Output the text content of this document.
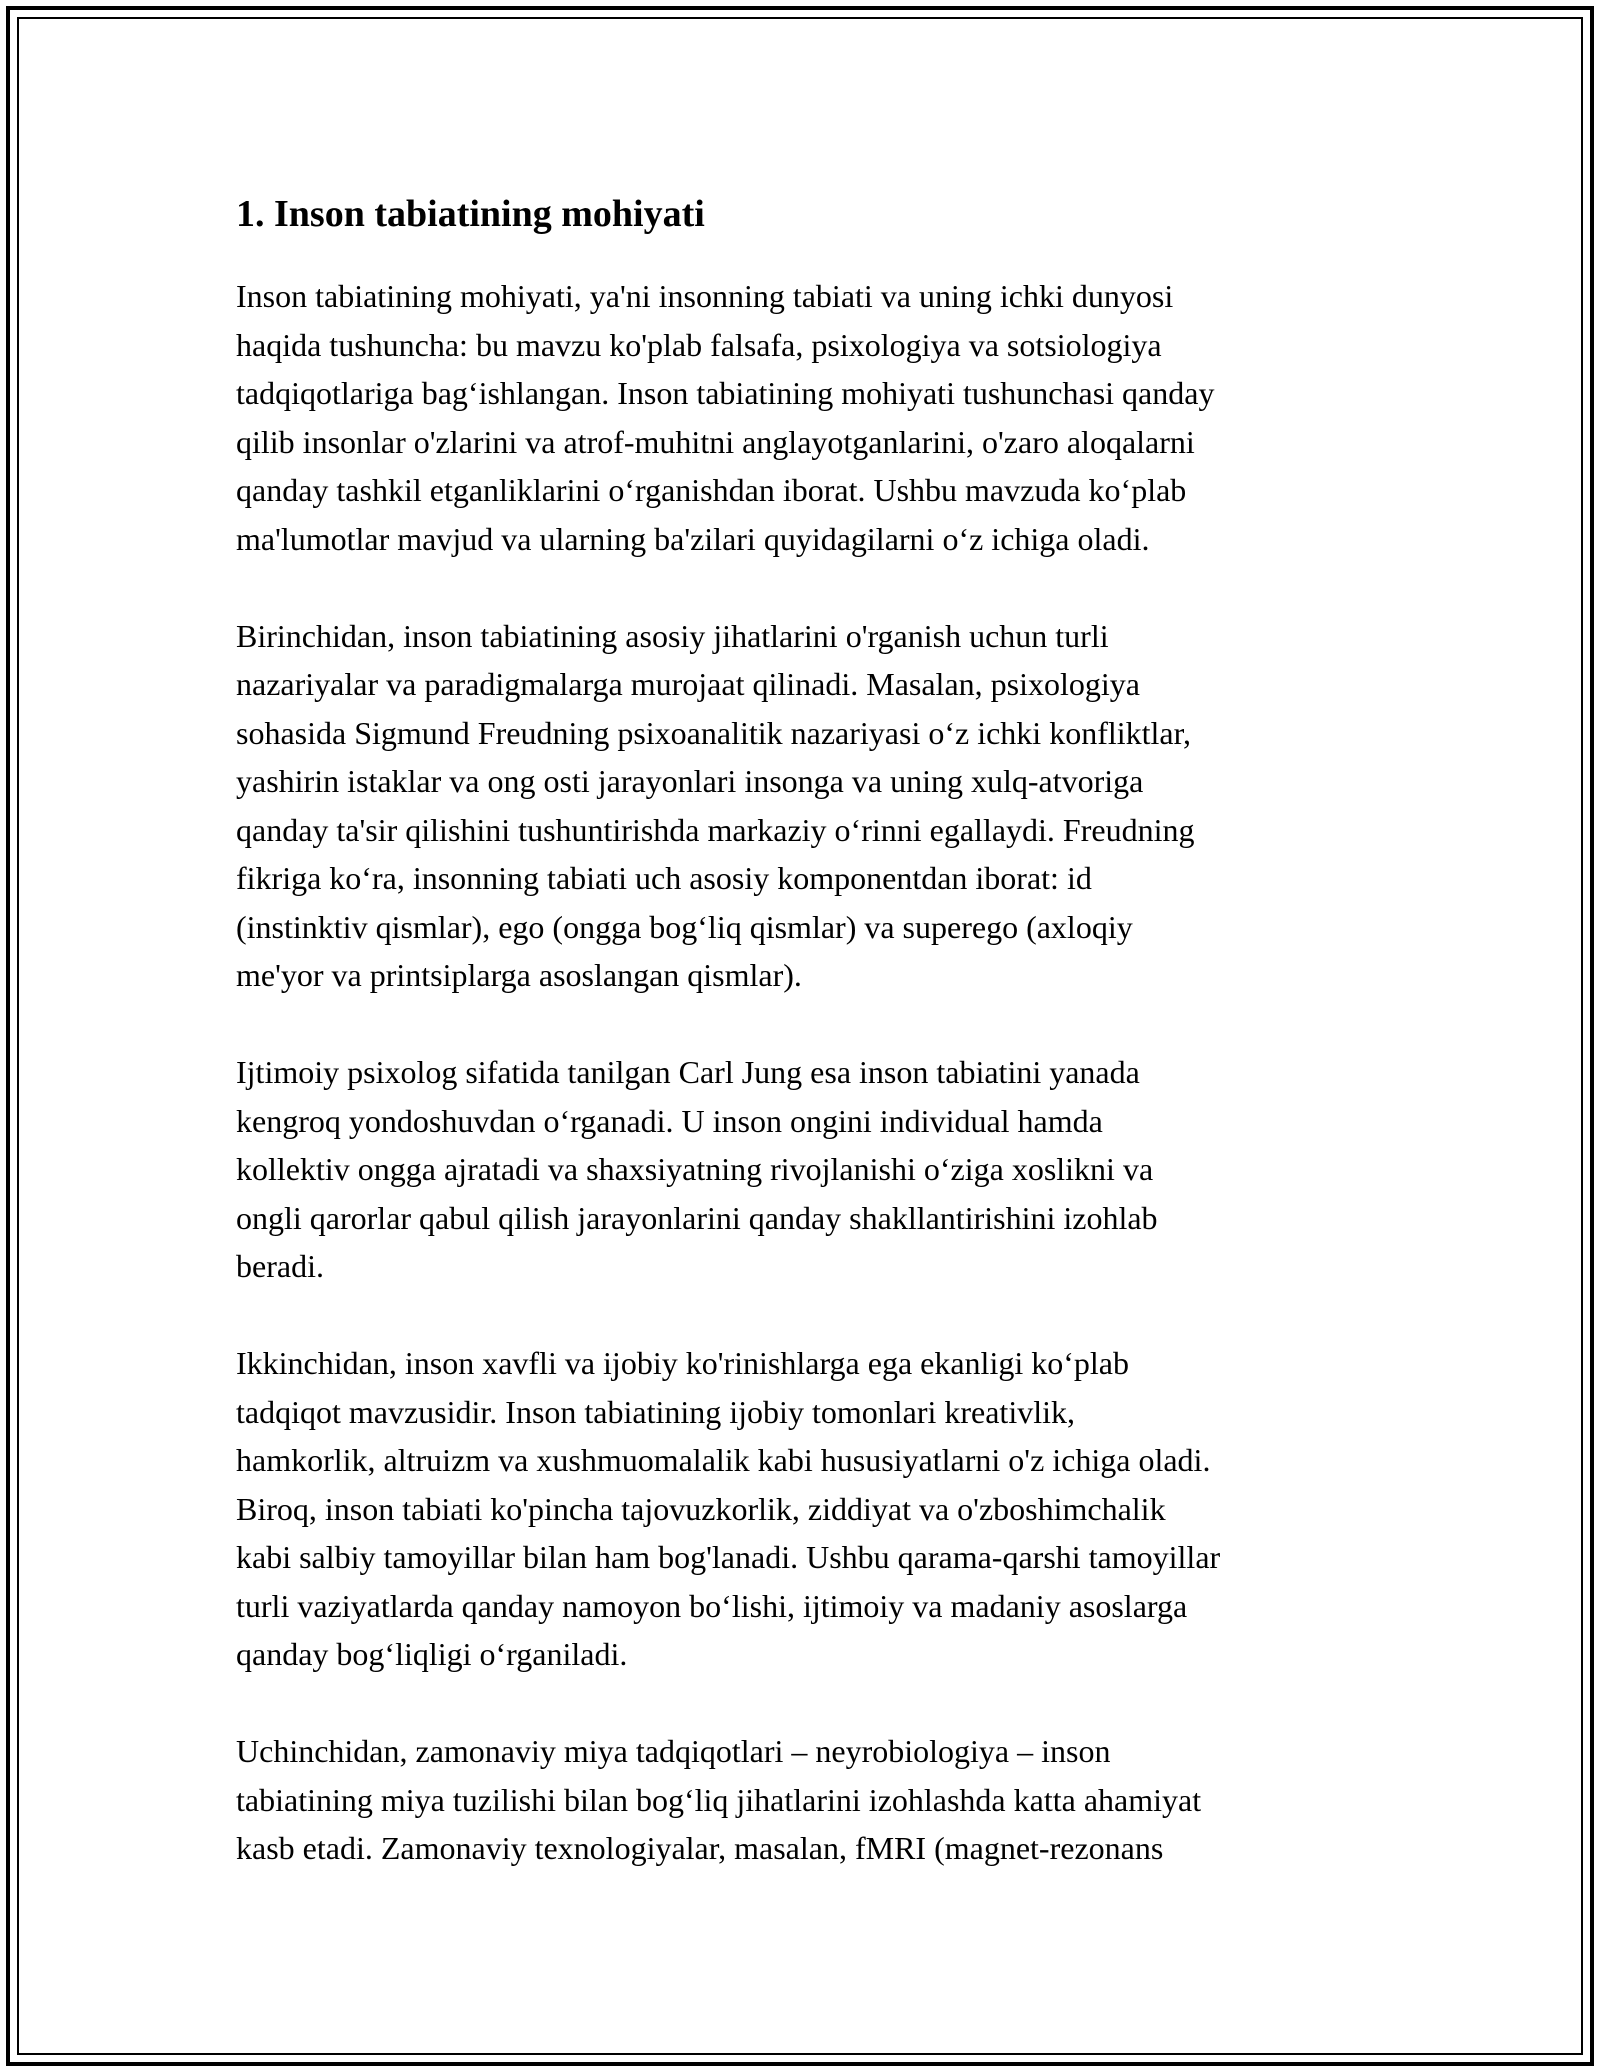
1. Inson tabiatining mohiyati

Inson tabiatining mohiyati, ya'ni insonning tabiati va uning ichki dunyosi
haqida tushuncha: bu mavzu ko'plab falsafa, psixologiya va sotsiologiya
tadqiqotlariga bag‘ishlangan. Inson tabiatining mohiyati tushunchasi qanday
qilib insonlar o'zlarini va atrof-muhitni anglayotganlarini, o'zaro aloqalarni
qanday tashkil etganliklarini o‘rganishdan iborat. Ushbu mavzuda ko‘plab
ma'lumotlar mavjud va ularning ba'zilari quyidagilarni o‘z ichiga oladi.

Birinchidan, inson tabiatining asosiy jihatlarini o'rganish uchun turli
nazariyalar va paradigmalarga murojaat qilinadi. Masalan, psixologiya
sohasida Sigmund Freudning psixoanalitik nazariyasi o‘z ichki konfliktlar,
yashirin istaklar va ong osti jarayonlari insonga va uning xulq-atvoriga
qanday ta'sir qilishini tushuntirishda markaziy o‘rinni egallaydi. Freudning
fikriga ko‘ra, insonning tabiati uch asosiy komponentdan iborat: id
(instinktiv qismlar), ego (ongga bog‘liq qismlar) va superego (axloqiy
me'yor va printsiplarga asoslangan qismlar).

Ijtimoiy psixolog sifatida tanilgan Carl Jung esa inson tabiatini yanada
kengroq yondoshuvdan o‘rganadi. U inson ongini individual hamda
kollektiv ongga ajratadi va shaxsiyatning rivojlanishi o‘ziga xoslikni va
ongli qarorlar qabul qilish jarayonlarini qanday shakllantirishini izohlab
beradi.

Ikkinchidan, inson xavfli va ijobiy ko'rinishlarga ega ekanligi ko‘plab
tadqiqot mavzusidir. Inson tabiatining ijobiy tomonlari kreativlik,
hamkorlik, altruizm va xushmuomalalik kabi hususiyatlarni o'z ichiga oladi.
Biroq, inson tabiati ko'pincha tajovuzkorlik, ziddiyat va o'zboshimchalik
kabi salbiy tamoyillar bilan ham bog'lanadi. Ushbu qarama-qarshi tamoyillar
turli vaziyatlarda qanday namoyon bo‘lishi, ijtimoiy va madaniy asoslarga
qanday bog‘liqligi o‘rganiladi.

Uchinchidan, zamonaviy miya tadqiqotlari – neyrobiologiya – inson
tabiatining miya tuzilishi bilan bog‘liq jihatlarini izohlashda katta ahamiyat
kasb etadi. Zamonaviy texnologiyalar, masalan, fMRI (magnet-rezonans
